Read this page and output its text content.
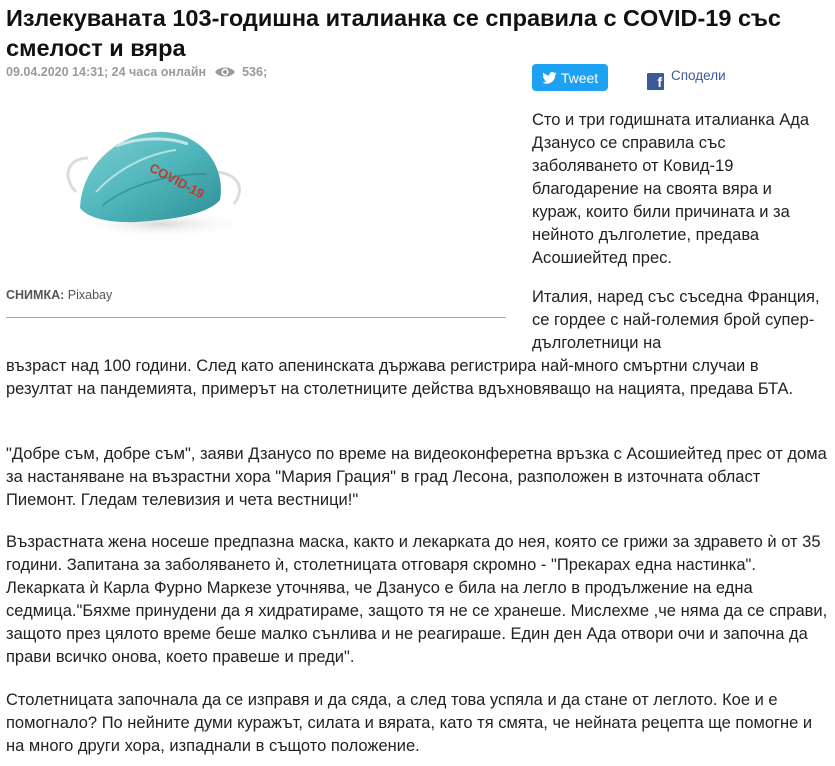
Излекуваната 103-годишна италианка се справила с COVID-19 със смелост и вяра
09.04.2020 14:31;
24 часа онлайн	536;	Tweet	f Сподели
COVID-19
СНИМКА: Pixabay

Сто и три годишната италианка Ада Дзанусо се справила със заболяването от Ковид-19 благодарение на своята вяра и кураж, които били причината и за нейното дълголетие, предава Асошиейтед прес.

Италия, наред със съседна Франция, се гордее с най-големия брой супер-дълголетници на

възраст над 100 години. След като апенинската държава регистрира най-много смъртни случаи в резултат на пандемията, примерът на столетниците действа вдъхновяващо на нацията, предава БТА.

"Добре съм, добре съм", заяви Дзанусо по време на видеоконферетна връзка с Асошиейтед прес от дома за настаняване на възрастни хора "Мария Грация" в град Лесона, разположен в източната област Пиемонт. Гледам телевизия и чета вестници!"

Възрастната жена носеше предпазна маска, както и лекарката до нея, която се грижи за здравето ѝ от 35 години. Запитана за заболяването ѝ, столетницата отговаря скромно - "Прекарах една настинка". Лекарката ѝ Карла Фурно Маркезе уточнява, че Дзанусо е била на легло в продължение на една седмица."Бяхме принудени да я хидратираме, защото тя не се хранеше. Мислехме ,че няма да се справи, защото през цялото време беше малко сънлива и не реагираше. Един ден Ада отвори очи и започна да прави всичко онова, което правеше и преди".

Столетницата започнала да се изправя и да сяда, а след това успяла и да стане от леглото. Кое и е помогнало? По нейните думи куражът, силата и вярата, като тя смята, че нейната рецепта ще помогне и на много други хора, изпаднали в същото положение.
